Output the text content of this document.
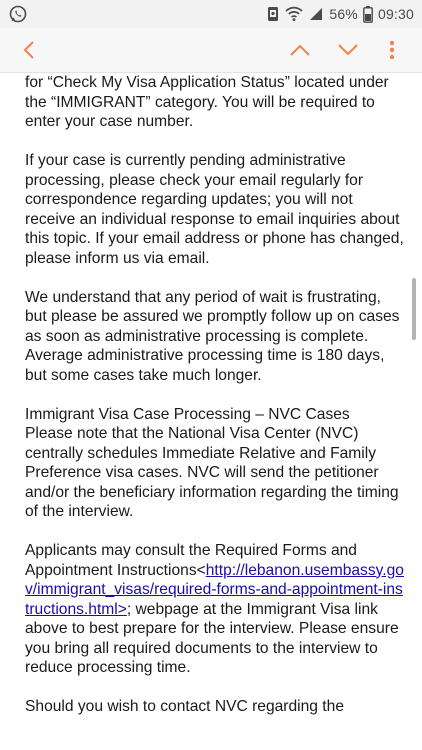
56% 09:30

for “Check My Visa Application Status” located under the “IMMIGRANT” category. You will be required to enter your case number.

If your case is currently pending administrative processing, please check your email regularly for correspondence regarding updates; you will not receive an individual response to email inquiries about this topic. If your email address or phone has changed, please inform us via email.

We understand that any period of wait is frustrating, but please be assured we promptly follow up on cases as soon as administrative processing is complete. Average administrative processing time is 180 days, but some cases take much longer.

Immigrant Visa Case Processing – NVC Cases
Please note that the National Visa Center (NVC) centrally schedules Immediate Relative and Family Preference visa cases. NVC will send the petitioner and/or the beneficiary information regarding the timing of the interview.

Applicants may consult the Required Forms and Appointment Instructions<http://lebanon.usembassy.gov/immigrant_visas/required-forms-and-appointment-instructions.html>; webpage at the Immigrant Visa link above to best prepare for the interview. Please ensure you bring all required documents to the interview to reduce processing time.

Should you wish to contact NVC regarding the
